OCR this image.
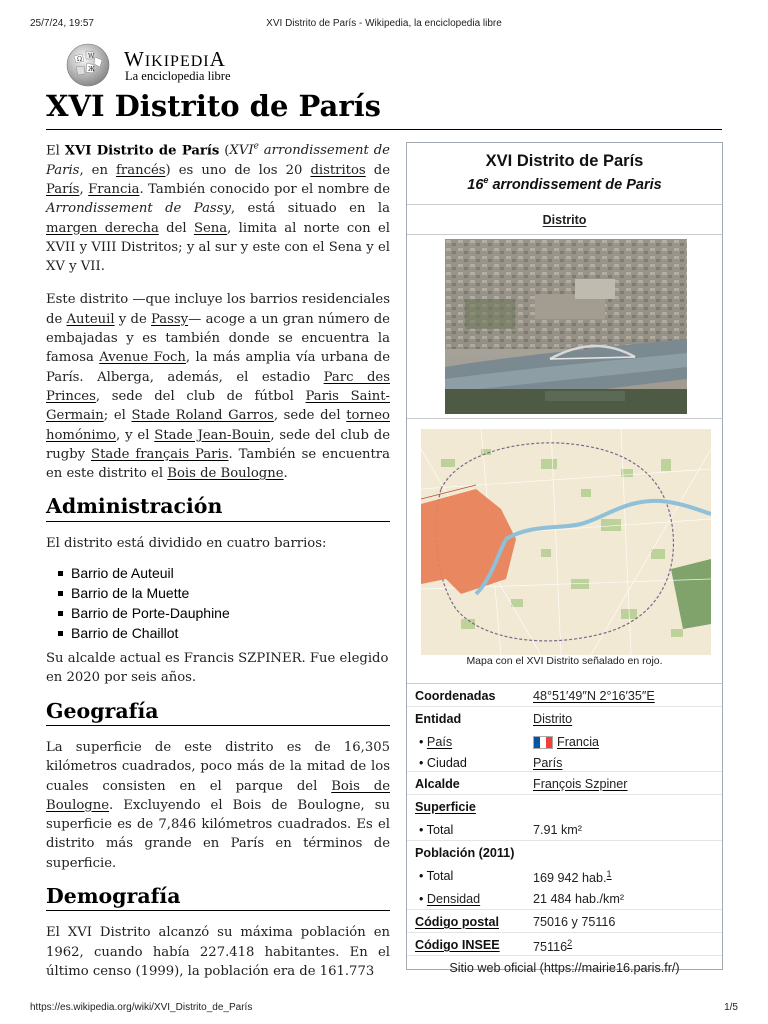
25/7/24, 19:57	XVI Distrito de París - Wikipedia, la enciclopedia libre
Ω W
Ж WIKIPEDIA
La enciclopedia libre
XVI Distrito de París

El XVI Distrito de París (XVIe arrondissement de Paris, en francés) es uno de los 20 distritos de París, Francia. También conocido por el nombre de Arrondissement de Passy, está situado en la margen derecha del Sena, limita al norte con el XVII y VIII Distritos; y al sur y este con el Sena y el XV y VII.

Este distrito —que incluye los barrios residenciales de Auteuil y de Passy— acoge a un gran número de embajadas y es también donde se encuentra la famosa Avenue Foch, la más amplia vía urbana de París. Alberga, además, el estadio Parc des Princes, sede del club de fútbol Paris Saint-Germain; el Stade Roland Garros, sede del torneo homónimo, y el Stade Jean-Bouin, sede del club de rugby Stade français Paris. También se encuentra en este distrito el Bois de Boulogne.

Administración

El distrito está dividido en cuatro barrios:

Barrio de Auteuil
Barrio de la Muette
Barrio de Porte-Dauphine
Barrio de Chaillot

Su alcalde actual es Francis SZPINER. Fue elegido en 2020 por seis años.

Geografía

La superficie de este distrito es de 16,305 kilómetros cuadrados, poco más de la mitad de los cuales consisten en el parque del Bois de Boulogne. Excluyendo el Bois de Boulogne, su superficie es de 7,846 kilómetros cuadrados. Es el distrito más grande en París en términos de superficie.

Demografía

El XVI Distrito alcanzó su máxima población en 1962, cuando había 227.418 habitantes. En el último censo (1999), la población era de 161.773

XVI Distrito de París
16e arrondissement de Paris
Distrito
Mapa con el XVI Distrito señalado en rojo.
Coordenadas	48°51′49″N 2°16′35″E
Entidad	Distrito
• País	Francia
• Ciudad	París
Alcalde	François Szpiner
Superficie
• Total	7.91 km²
Población (2011)
• Total	169 942 hab.$^1$
• Densidad	21 484 hab./km²
Código postal	75016 y 75116
Código INSEE	75116$^2$
Sitio web oficial (https://mairie16.paris.fr/)
https://es.wikipedia.org/wiki/XVI_Distrito_de_París	1/5
